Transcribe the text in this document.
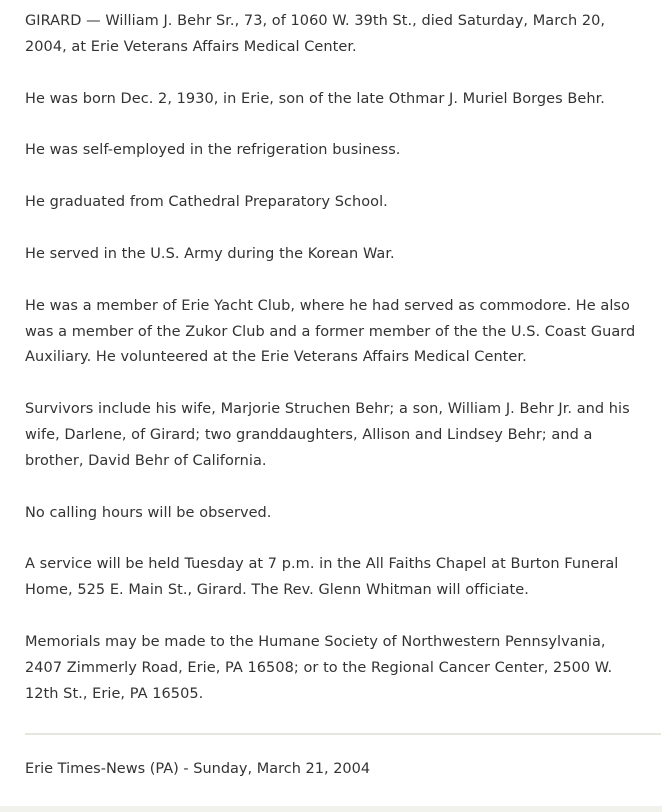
GIRARD — William J. Behr Sr., 73, of 1060 W. 39th St., died Saturday, March 20, 2004, at Erie Veterans Affairs Medical Center.

He was born Dec. 2, 1930, in Erie, son of the late Othmar J. Muriel Borges Behr.

He was self-employed in the refrigeration business.

He graduated from Cathedral Preparatory School.

He served in the U.S. Army during the Korean War.

He was a member of Erie Yacht Club, where he had served as commodore. He also was a member of the Zukor Club and a former member of the the U.S. Coast Guard Auxiliary. He volunteered at the Erie Veterans Affairs Medical Center.

Survivors include his wife, Marjorie Struchen Behr; a son, William J. Behr Jr. and his wife, Darlene, of Girard; two granddaughters, Allison and Lindsey Behr; and a brother, David Behr of California.

No calling hours will be observed.

A service will be held Tuesday at 7 p.m. in the All Faiths Chapel at Burton Funeral Home, 525 E. Main St., Girard. The Rev. Glenn Whitman will officiate.

Memorials may be made to the Humane Society of Northwestern Pennsylvania, 2407 Zimmerly Road, Erie, PA 16508; or to the Regional Cancer Center, 2500 W. 12th St., Erie, PA 16505.

Erie Times-News (PA) - Sunday, March 21, 2004
